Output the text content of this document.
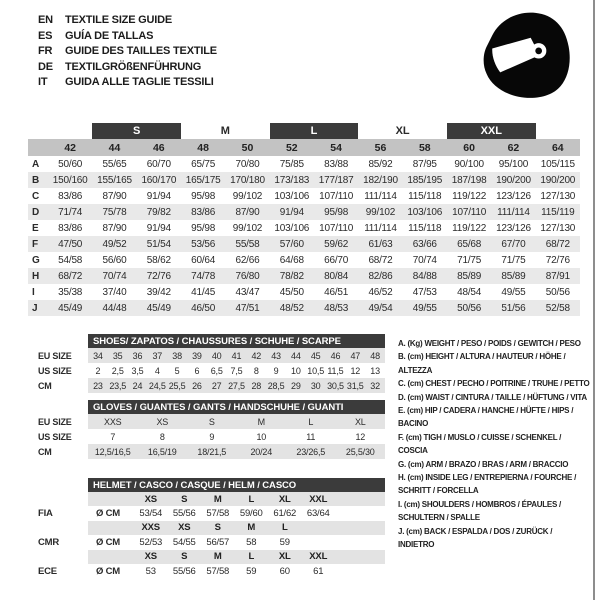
EN	TEXTILE SIZE GUIDE
ES	GUÍA DE TALLAS
FR	GUIDE DES TAILLES TEXTILE
DE	TEXTILGRÖßENFÜHRUNG
IT	GUIDA ALLE TAGLIE TESSILI
		S		M		L		XL		XXL		
	42	44	46	48	50	52	54	56	58	60	62	64
A	50/60	55/65	60/70	65/75	70/80	75/85	83/88	85/92	87/95	90/100	95/100	105/115
B	150/160	155/165	160/170	165/175	170/180	173/183	177/187	182/190	185/195	187/198	190/200	190/200
C	83/86	87/90	91/94	95/98	99/102	103/106	107/110	111/114	115/118	119/122	123/126	127/130
D	71/74	75/78	79/82	83/86	87/90	91/94	95/98	99/102	103/106	107/110	111/114	115/119
E	83/86	87/90	91/94	95/98	99/102	103/106	107/110	111/114	115/118	119/122	123/126	127/130
F	47/50	49/52	51/54	53/56	55/58	57/60	59/62	61/63	63/66	65/68	67/70	68/72
G	54/58	56/60	58/62	60/64	62/66	64/68	66/70	68/72	70/74	71/75	71/75	72/76
H	68/72	70/74	72/76	74/78	76/80	78/82	80/84	82/86	84/88	85/89	85/89	87/91
I	35/38	37/40	39/42	41/45	43/47	45/50	46/51	46/52	47/53	48/54	49/55	50/56
J	45/49	44/48	45/49	46/50	47/51	48/52	48/53	49/54	49/55	50/56	51/56	52/58
	SHOES/ ZAPATOS / CHAUSSURES / SCHUHE / SCARPE														
EU SIZE	34	35	36	37	38	39	40	41	42	43	44	45	46	47	48
US SIZE	2	2,5	3,5	4	5	6	6,5	7,5	8	9	10	10,5	11,5	12	13
CM	23	23,5	24	24,5	25,5	26	27	27,5	28	28,5	29	30	30,5	31,5	32
	GLOVES / GUANTES / GANTS / HANDSCHUHE / GUANTI					
EU SIZE	XXS	XS	S	M	L	XL
US SIZE	7	8	9	10	11	12
CM	12,5/16,5	16,5/19	18/21,5	20/24	23/26,5	25,5/30
	HELMET / CASCO / CASQUE / HELM / CASCO							
		XS	S	M	L	XL	XXL	
FIA	Ø CM	53/54	55/56	57/58	59/60	61/62	63/64	
		XXS	XS	S	M	L		
CMR	Ø CM	52/53	54/55	56/57	58	59		
		XS	S	M	L	XL	XXL	
ECE	Ø CM	53	55/56	57/58	59	60	61	
A. (Kg) WEIGHT / PESO / POIDS / GEWITCH / PESO
B. (cm) HEIGHT / ALTURA / HAUTEUR / HÖHE / ALTEZZA
C. (cm) CHEST / PECHO / POITRINE / TRUHE / PETTO
D. (cm) WAIST / CINTURA / TAILLE / HÜFTUNG / VITA
E. (cm) HIP / CADERA / HANCHE / HÜFTE / HIPS / BACINO
F. (cm) TIGH / MUSLO / CUISSE / SCHENKEL / COSCIA
G. (cm) ARM / BRAZO / BRAS / ARM / BRACCIO
H. (cm) INSIDE LEG / ENTREPIERNA / FOURCHE / SCHRITT / FORCELLA
I. (cm) SHOULDERS / HOMBROS / ÉPAULES / SCHULTERN / SPALLE
J. (cm) BACK / ESPALDA / DOS / ZURÜCK / INDIETRO
